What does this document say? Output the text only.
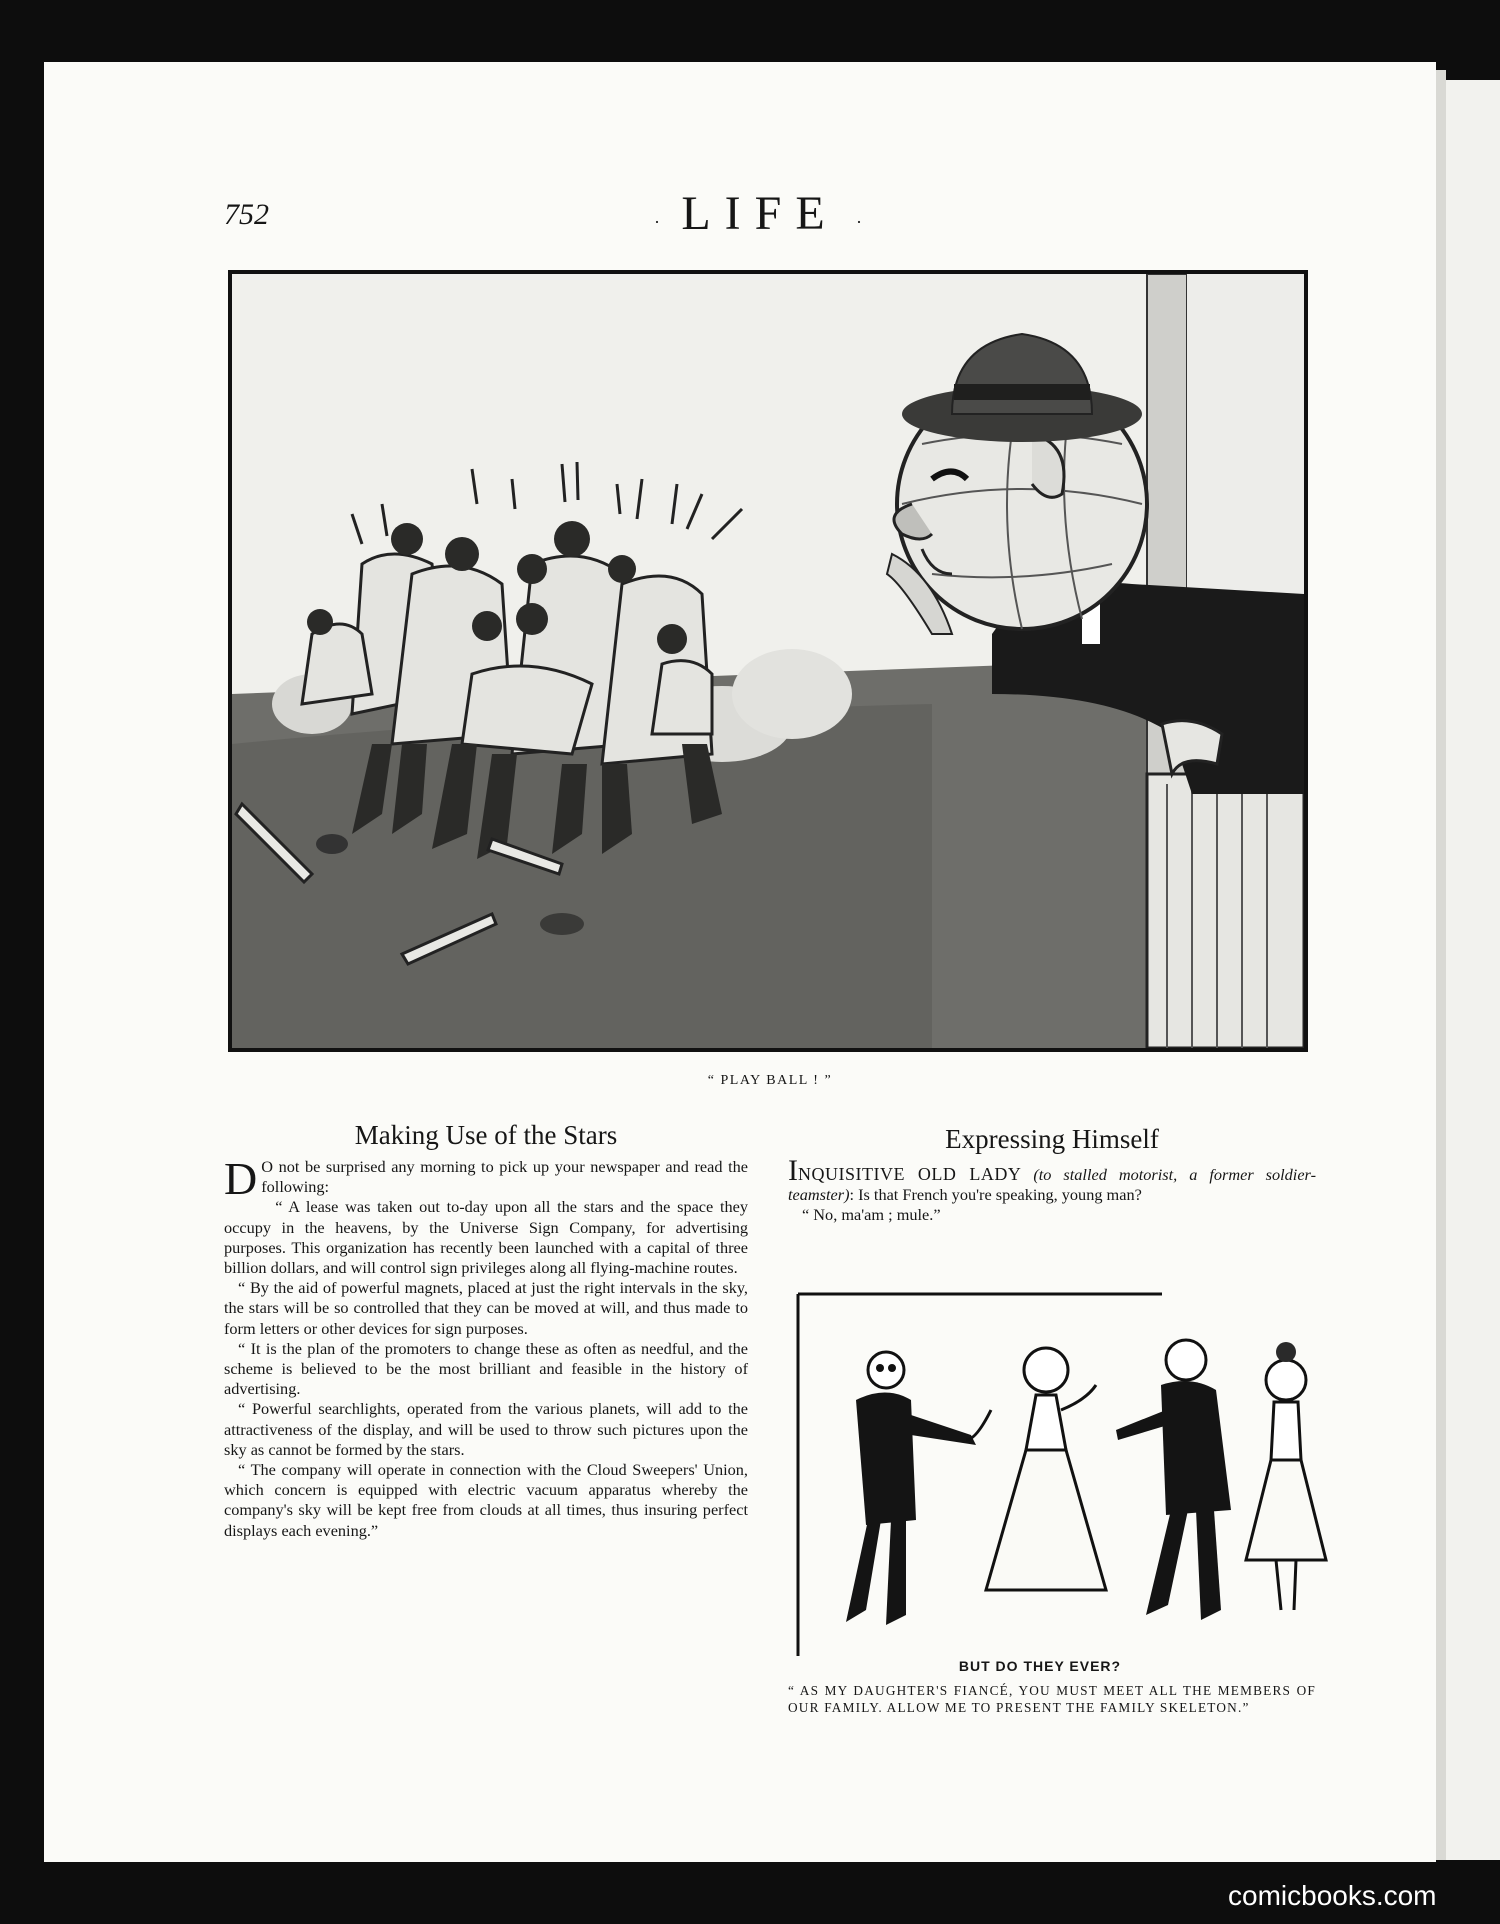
752	· LIFE ·
“ PLAY BALL ! ”
Making Use of the Stars

D O not be surprised any morning to pick up your newspaper and read the following:

“ A lease was taken out to-day upon all the stars and the space they occupy in the heavens, by the Universe Sign Company, for advertising purposes. This organization has recently been launched with a capital of three billion dollars, and will control sign privileges along all flying-machine routes.

“ By the aid of powerful magnets, placed at just the right intervals in the sky, the stars will be so controlled that they can be moved at will, and thus made to form letters or other devices for sign purposes.

“ It is the plan of the promoters to change these as often as needful, and the scheme is believed to be the most brilliant and feasible in the history of advertising.

“ Powerful searchlights, operated from the various planets, will add to the attractiveness of the display, and will be used to throw such pictures upon the sky as cannot be formed by the stars.

“ The company will operate in connection with the Cloud Sweepers' Union, which concern is equipped with electric vacuum apparatus whereby the company's sky will be kept free from clouds at all times, thus insuring perfect displays each evening.”

Expressing Himself

INQUISITIVE OLD LADY (to stalled motorist, a former soldier-teamster): Is that French you're speaking, young man?

“ No, ma'am ; mule.”

BUT DO THEY EVER?
“ AS MY DAUGHTER'S FIANCÉ, YOU MUST MEET ALL THE MEMBERS OF OUR FAMILY. ALLOW ME TO PRESENT THE FAMILY SKELETON.”
comicbooks.com
